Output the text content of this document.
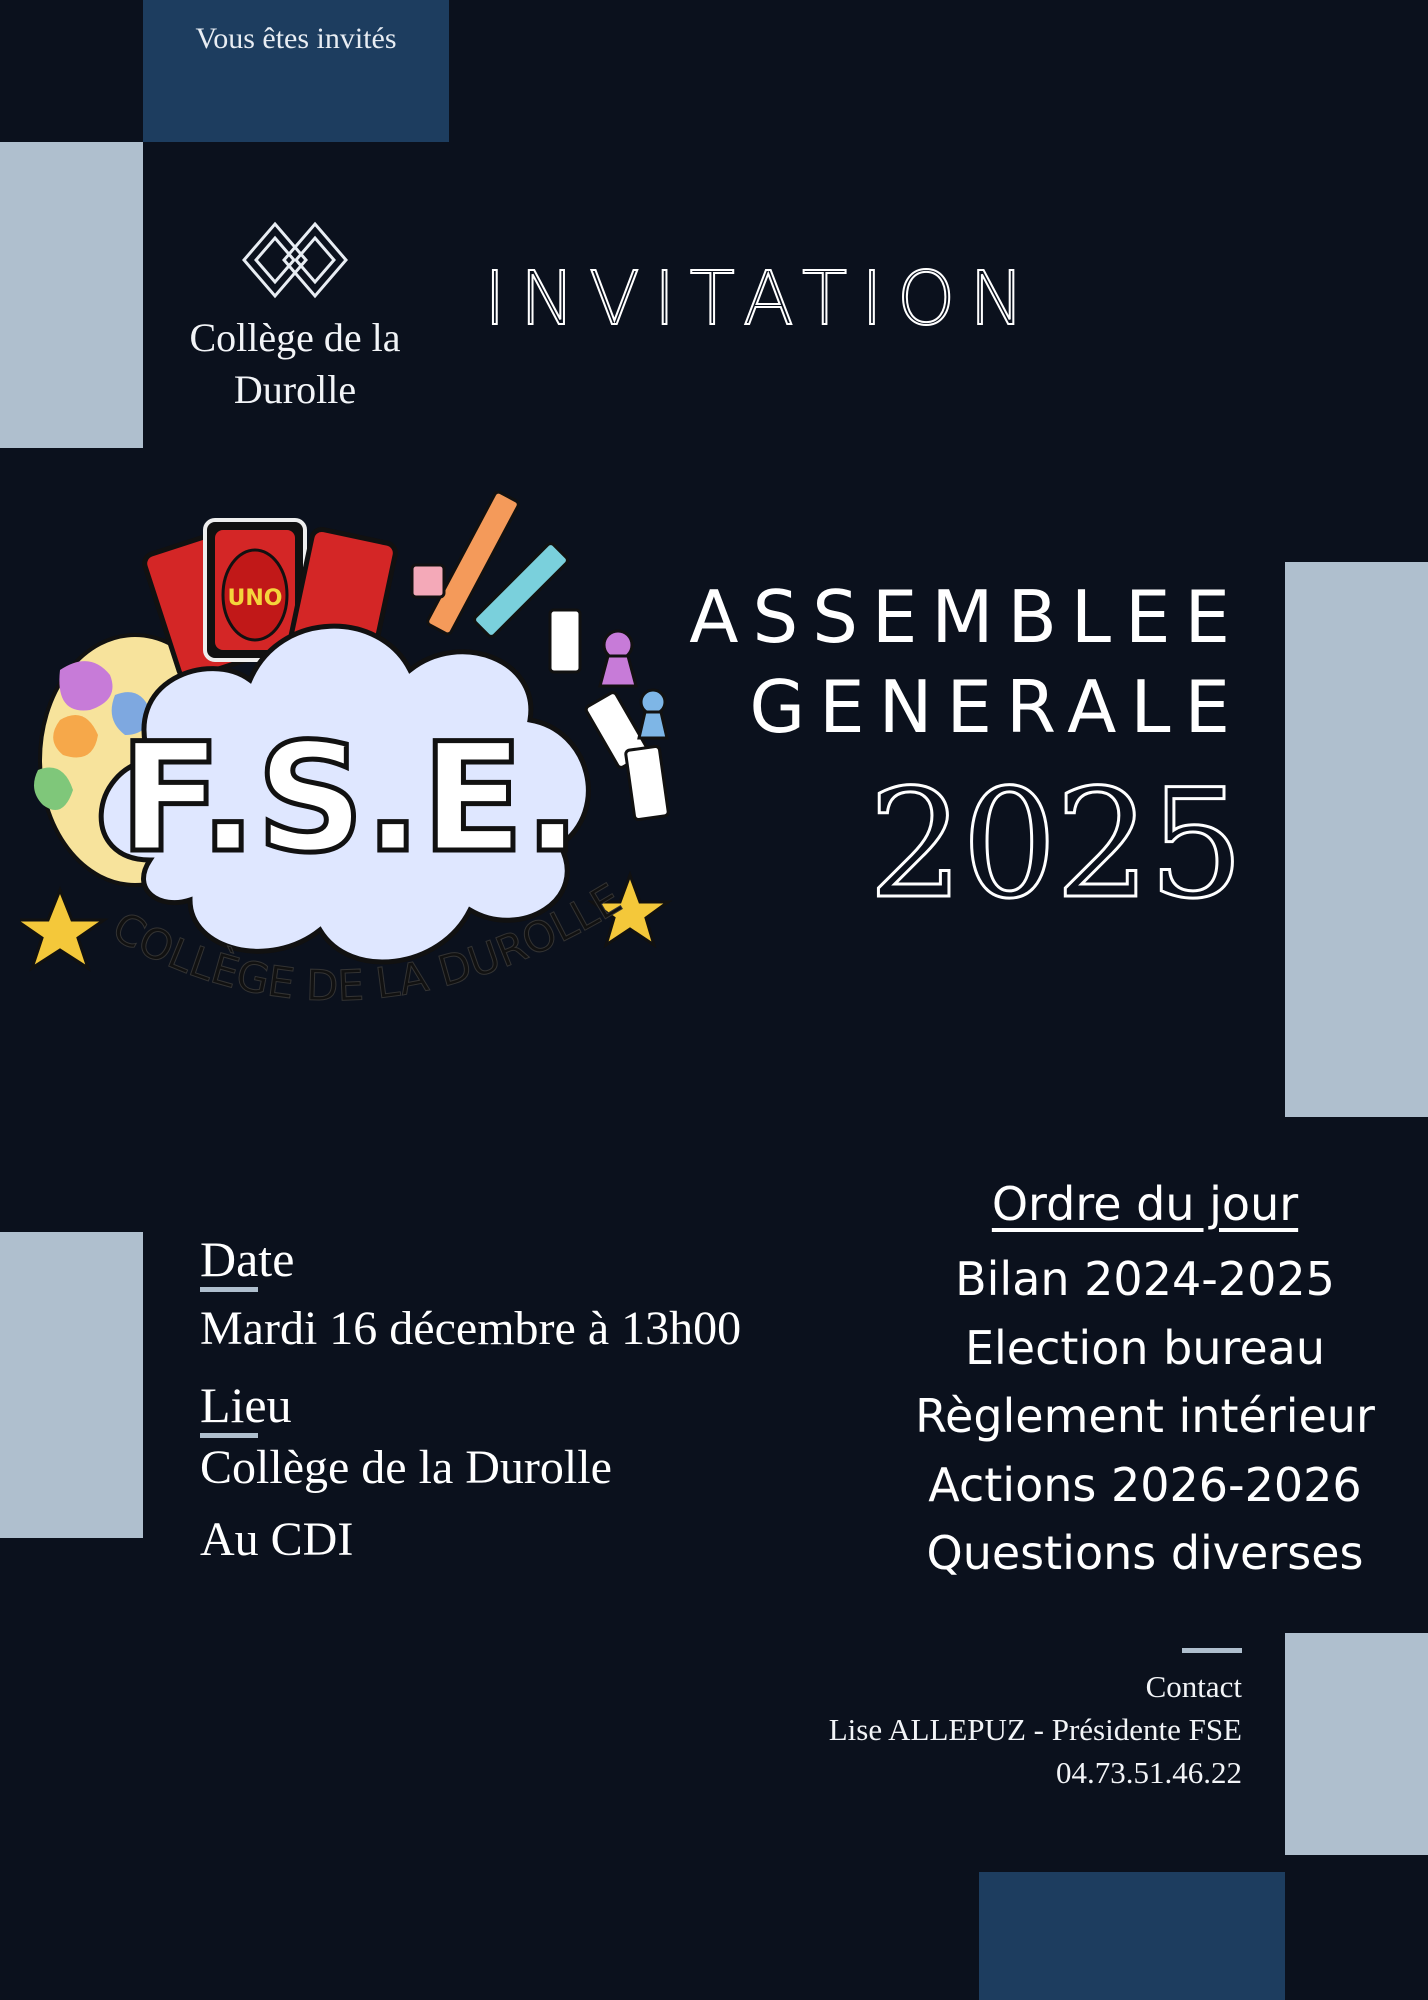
Vous êtes invités
Collège de la
Durolle
INVITATION
UNO
F.S.E.
COLLÈGE DE LA DUROLLE
ASSEMBLEE
GENERALE
2025
Date
Mardi 16 décembre à 13h00
Lieu
Collège de la Durolle
Au CDI
Ordre du jour
Bilan 2024-2025
Election bureau
Règlement intérieur
Actions 2026-2026
Questions diverses
Contact
Lise ALLEPUZ - Présidente FSE
04.73.51.46.22
